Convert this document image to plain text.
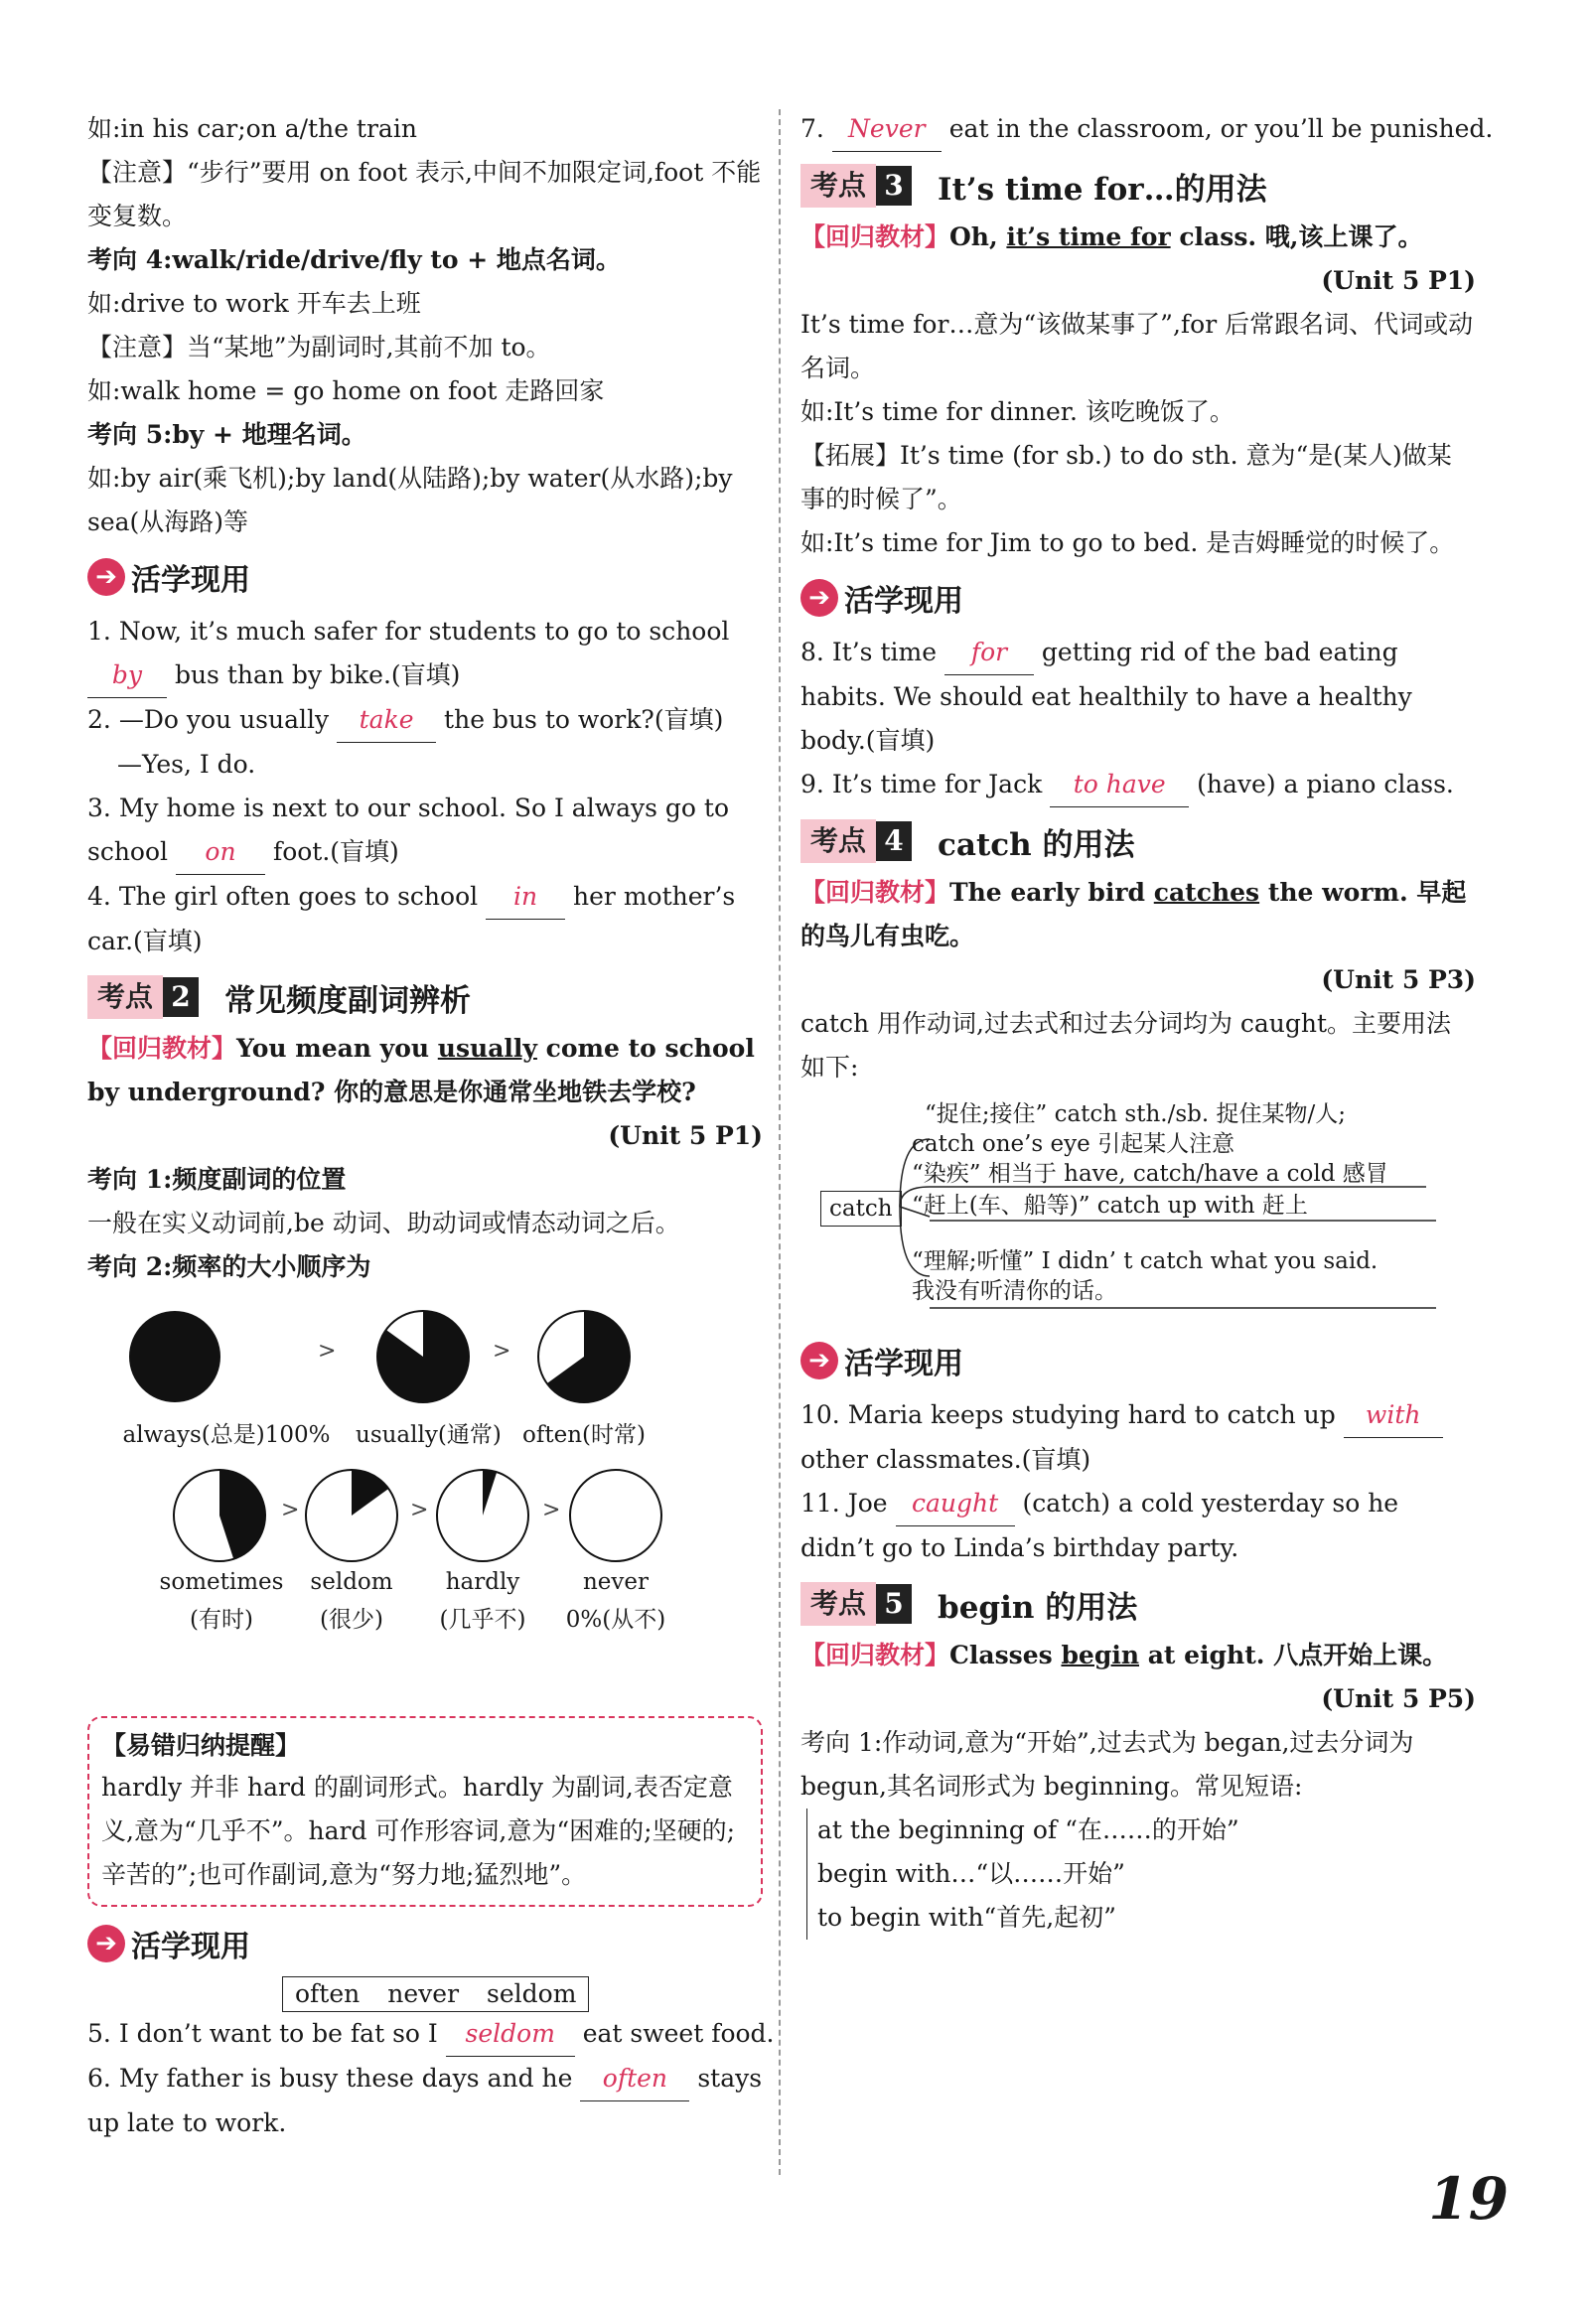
如:in his car;on a/the train
【注意】“步行”要用 on foot 表示,中间不加限定词,foot 不能变复数。
考向 4:walk/ride/drive/fly to + 地点名词。
如:drive to work 开车去上班
【注意】当“某地”为副词时,其前不加 to。
如:walk home = go home on foot 走路回家
考向 5:by + 地理名词。
如:by air(乘飞机);by land(从陆路);by water(从水路);by sea(从海路)等
➔ 活学现用
1. Now, it’s much safer for students to go to school by bus than by bike.(盲填)
2. —Do you usually take the bus to work?(盲填)
—Yes, I do.
3. My home is next to our school. So I always go to school on foot.(盲填)
4. The girl often goes to school in her mother’s car.(盲填)
考点 2 常见频度副词辨析
【回归教材】You mean you usually come to school by underground? 你的意思是你通常坐地铁去学校?
(Unit 5 P1)
考向 1:频度副词的位置
一般在实义动词前,be 动词、助动词或情态动词之后。
考向 2:频率的大小顺序为
>	>
always(总是)100%	usually(通常) often(时常)
>	>	>
sometimes
(有时)
seldom
(很少)
hardly
(几乎不)
never
0%(从不)
【易错归纳提醒】
hardly 并非 hard 的副词形式。hardly 为副词,表否定意义,意为“几乎不”。hard 可作形容词,意为“困难的;坚硬的;辛苦的”;也可作副词,意为“努力地;猛烈地”。
➔ 活学现用
often never seldom
5. I don’t want to be fat so I seldom eat sweet food.
6. My father is busy these days and he often stays up late to work.
7. Never eat in the classroom, or you’ll be punished.
考点 3 It’s time for…的用法
【回归教材】Oh, it’s time for class. 哦,该上课了。
(Unit 5 P1)
It’s time for…意为“该做某事了”,for 后常跟名词、代词或动名词。
如:It’s time for dinner. 该吃晚饭了。
【拓展】It’s time (for sb.) to do sth. 意为“是(某人)做某事的时候了”。
如:It’s time for Jim to go to bed. 是吉姆睡觉的时候了。
➔ 活学现用
8. It’s time for getting rid of the bad eating habits. We should eat healthily to have a healthy body.(盲填)
9. It’s time for Jack to have (have) a piano class.
考点 4 catch 的用法
【回归教材】The early bird catches the worm. 早起的鸟儿有虫吃。
(Unit 5 P3)
catch 用作动词,过去式和过去分词均为 caught。主要用法如下:
catch
“捉住;接住” catch sth./sb. 捉住某物/人;
catch one’s eye 引起某人注意
“染疾” 相当于 have, catch/have a cold 感冒
“赶上(车、船等)” catch up with 赶上
“理解;听懂” I didn’ t catch what you said.
我没有听清你的话。
➔ 活学现用
10. Maria keeps studying hard to catch up with other classmates.(盲填)
11. Joe caught (catch) a cold yesterday so he didn’t go to Linda’s birthday party.
考点 5 begin 的用法
【回归教材】Classes begin at eight. 八点开始上课。
(Unit 5 P5)
考向 1:作动词,意为“开始”,过去式为 began,过去分词为 begun,其名词形式为 beginning。常见短语:
at the beginning of “在……的开始”
begin with…“以……开始”
to begin with“首先,起初”
19
